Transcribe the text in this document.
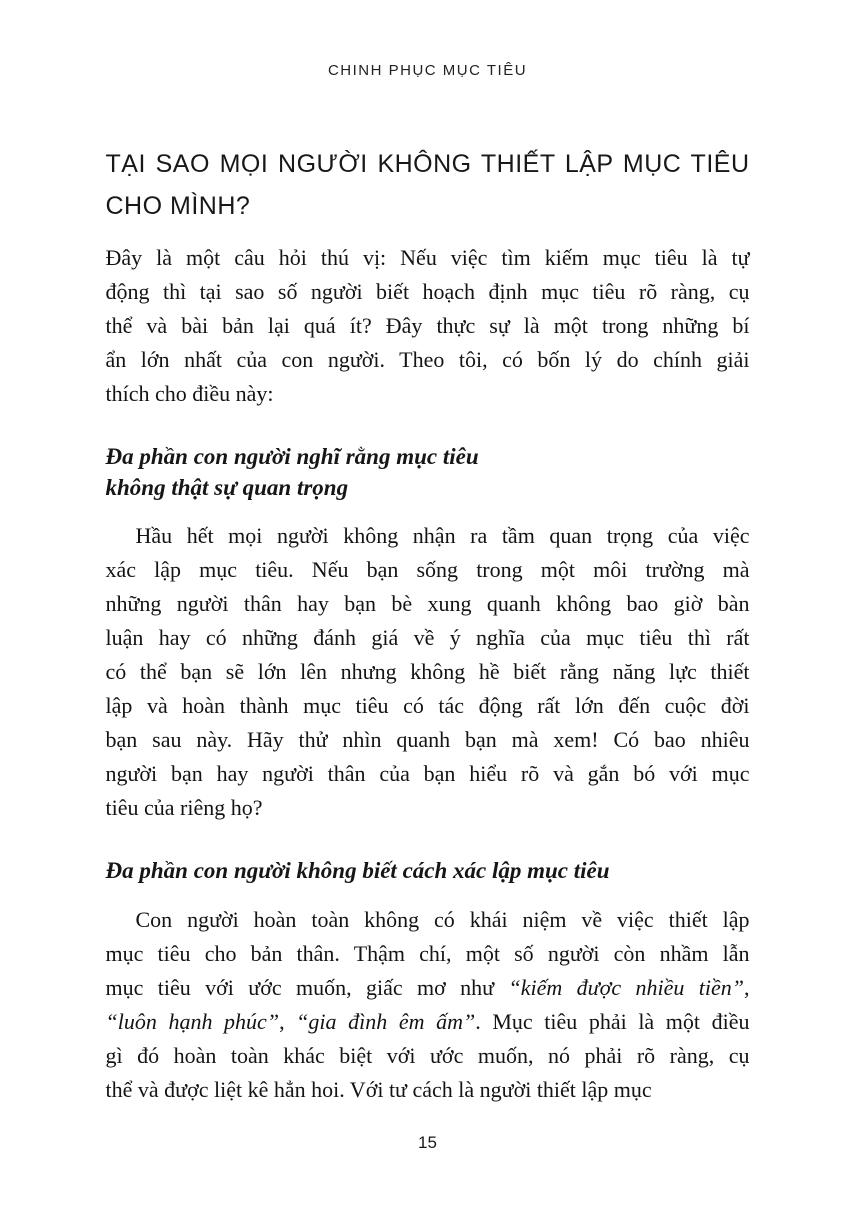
CHINH PHỤC MỤC TIÊU
TẠI SAO MỌI NGƯỜI KHÔNG THIẾT LẬP MỤC TIÊU
CHO MÌNH?
Đây là một câu hỏi thú vị: Nếu việc tìm kiếm mục tiêu là tự
động thì tại sao số người biết hoạch định mục tiêu rõ ràng, cụ
thể và bài bản lại quá ít? Đây thực sự là một trong những bí
ẩn lớn nhất của con người. Theo tôi, có bốn lý do chính giải
thích cho điều này:
Đa phần con người nghĩ rằng mục tiêu
không thật sự quan trọng
Hầu hết mọi người không nhận ra tầm quan trọng của việc
xác lập mục tiêu. Nếu bạn sống trong một môi trường mà
những người thân hay bạn bè xung quanh không bao giờ bàn
luận hay có những đánh giá về ý nghĩa của mục tiêu thì rất
có thể bạn sẽ lớn lên nhưng không hề biết rằng năng lực thiết
lập và hoàn thành mục tiêu có tác động rất lớn đến cuộc đời
bạn sau này. Hãy thử nhìn quanh bạn mà xem! Có bao nhiêu
người bạn hay người thân của bạn hiểu rõ và gắn bó với mục
tiêu của riêng họ?
Đa phần con người không biết cách xác lập mục tiêu
Con người hoàn toàn không có khái niệm về việc thiết lập
mục tiêu cho bản thân. Thậm chí, một số người còn nhầm lẫn
mục tiêu với ước muốn, giấc mơ như “kiếm được nhiều tiền”,
“luôn hạnh phúc”, “gia đình êm ấm”. Mục tiêu phải là một điều
gì đó hoàn toàn khác biệt với ước muốn, nó phải rõ ràng, cụ
thể và được liệt kê hẳn hoi. Với tư cách là người thiết lập mục
15
